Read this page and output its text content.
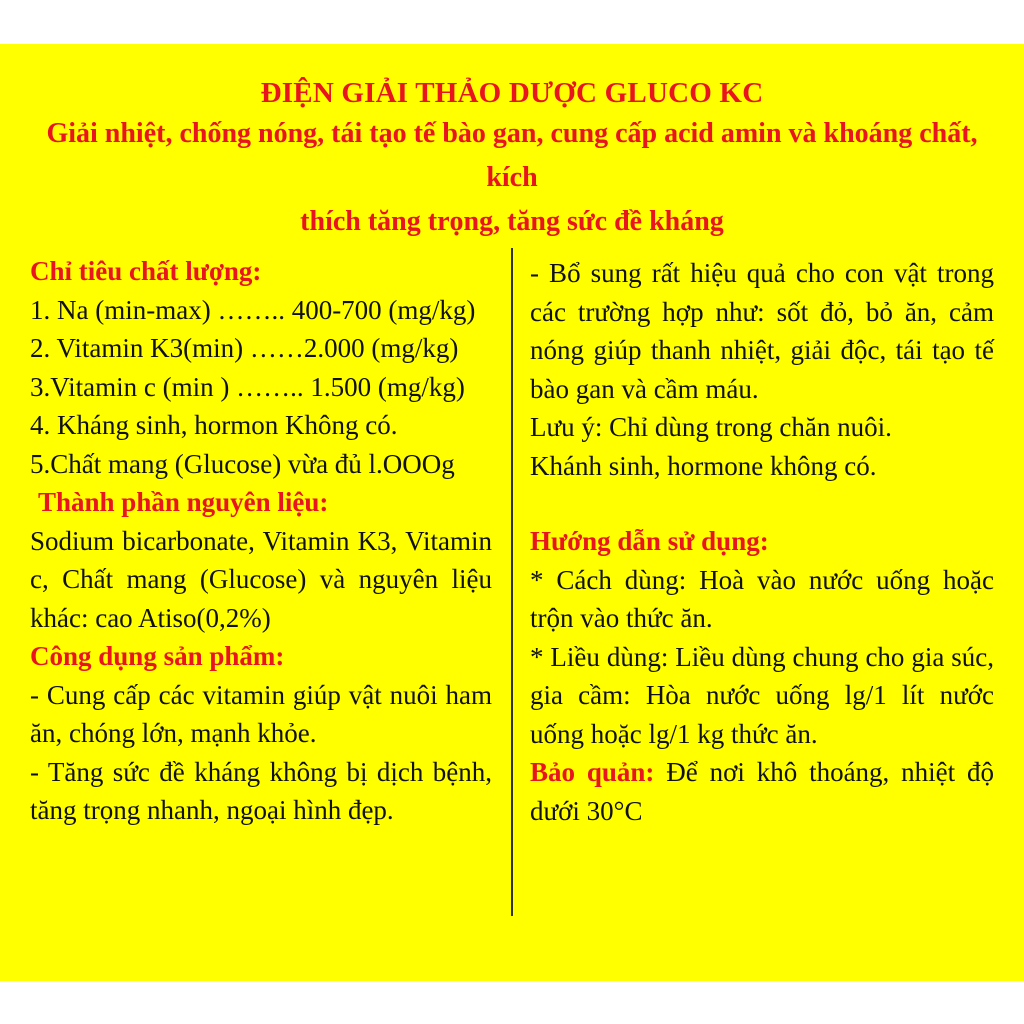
ĐIỆN GIẢI THẢO DƯỢC GLUCO KC
Giải nhiệt, chống nóng, tái tạo tế bào gan, cung cấp acid amin và khoáng chất, kích
thích tăng trọng, tăng sức đề kháng
Chỉ tiêu chất lượng:
1. Na (min-max) …….. 400-700 (mg/kg)
2. Vitamin K3(min) ……2.000 (mg/kg)
3.Vitamin c (min ) …….. 1.500 (mg/kg)
4. Kháng sinh, hormon Không có.
5.Chất mang (Glucose) vừa đủ l.OOOg
Thành phần nguyên liệu:
Sodium bicarbonate, Vitamin K3, Vitamin
c, Chất mang (Glucose) và nguyên liệu
khác: cao Atiso(0,2%)
Công dụng sản phẩm:
- Cung cấp các vitamin giúp vật nuôi ham
ăn, chóng lớn, mạnh khỏe.
- Tăng sức đề kháng không bị dịch bệnh,
tăng trọng nhanh, ngoại hình đẹp.
- Bổ sung rất hiệu quả cho con vật trong
các trường hợp như: sốt đỏ, bỏ ăn, cảm
nóng giúp thanh nhiệt, giải độc, tái tạo tế
bào gan và cầm máu.
Lưu ý: Chỉ dùng trong chăn nuôi.
Khánh sinh, hormone không có.
Hướng dẫn sử dụng:
* Cách dùng: Hoà vào nước uống hoặc
trộn vào thức ăn.
* Liều dùng: Liều dùng chung cho gia súc,
gia cầm: Hòa nước uống lg/1 lít nước
uống hoặc lg/1 kg thức ăn.
Bảo quản: Để nơi khô thoáng, nhiệt độ
dưới 30°C
